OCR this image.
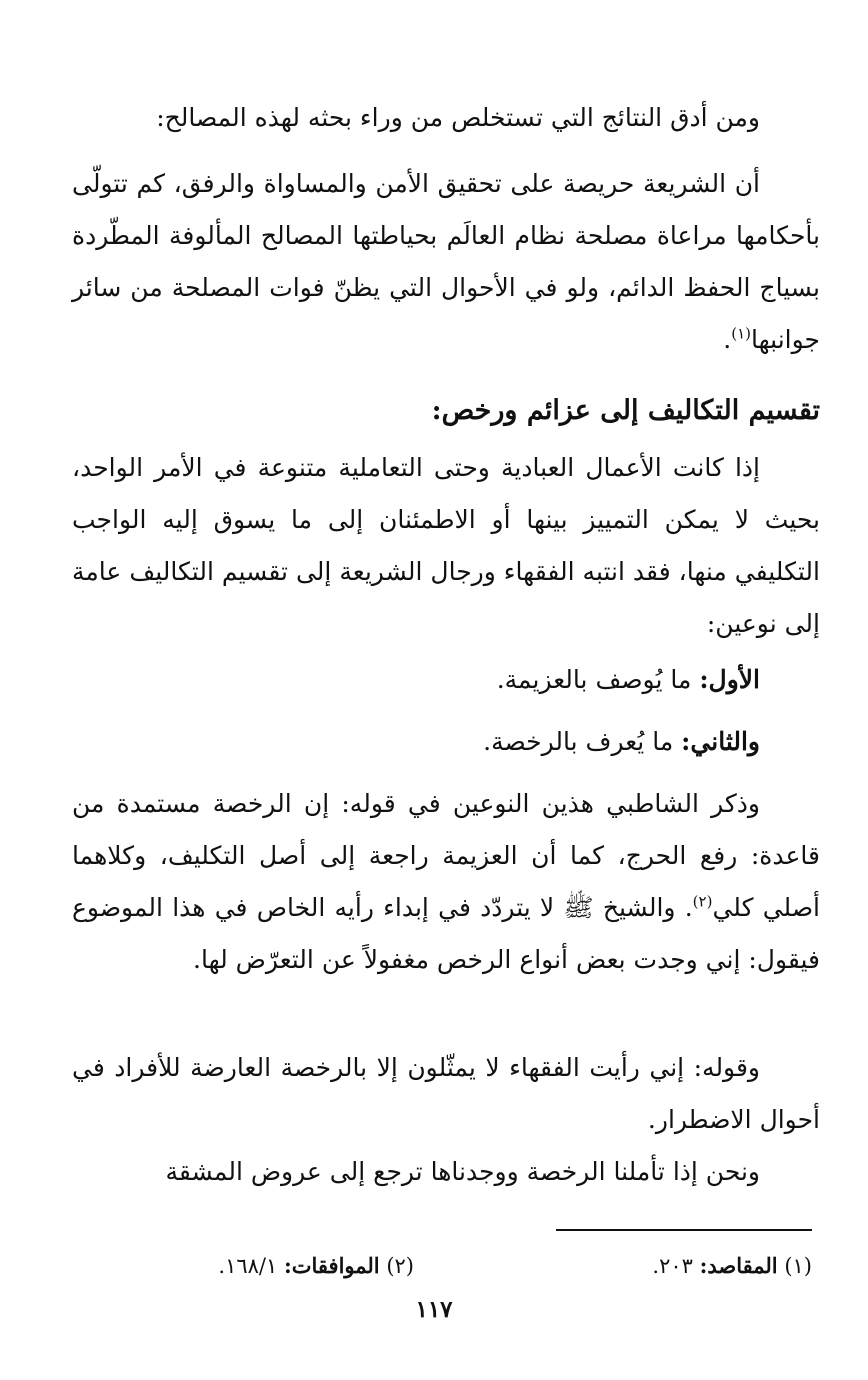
ومن أدق النتائج التي تستخلص من وراء بحثه لهذه المصالح:

أن الشريعة حريصة على تحقيق الأمن والمساواة والرفق، كم تتولّى بأحكامها مراعاة مصلحة نظام العالَم بحياطتها المصالح المألوفة المطّردة بسياج الحفظ الدائم، ولو في الأحوال التي يظنّ فوات المصلحة من سائر جوانبها$^{(١)}$.

تقسيم التكاليف إلى عزائم ورخص:

إذا كانت الأعمال العبادية وحتى التعاملية متنوعة في الأمر الواحد، بحيث لا يمكن التمييز بينها أو الاطمئنان إلى ما يسوق إليه الواجب التكليفي منها، فقد انتبه الفقهاء ورجال الشريعة إلى تقسيم التكاليف عامة إلى نوعين:

الأول: ما يُوصف بالعزيمة.

والثاني: ما يُعرف بالرخصة.

وذكر الشاطبي هذين النوعين في قوله: إن الرخصة مستمدة من قاعدة: رفع الحرج، كما أن العزيمة راجعة إلى أصل التكليف، وكلاهما أصلي كلي$^{(٢)}$. والشيخ ﷺ لا يتردّد في إبداء رأيه الخاص في هذا الموضوع فيقول: إني وجدت بعض أنواع الرخص مغفولاً عن التعرّض لها.

وقوله: إني رأيت الفقهاء لا يمثّلون إلا بالرخصة العارضة للأفراد في أحوال الاضطرار.

ونحن إذا تأملنا الرخصة ووجدناها ترجع إلى عروض المشقة

(١) المقاصد: ٢٠٣.
(٢) الموافقات: ١٦٨/١.
١١٧
